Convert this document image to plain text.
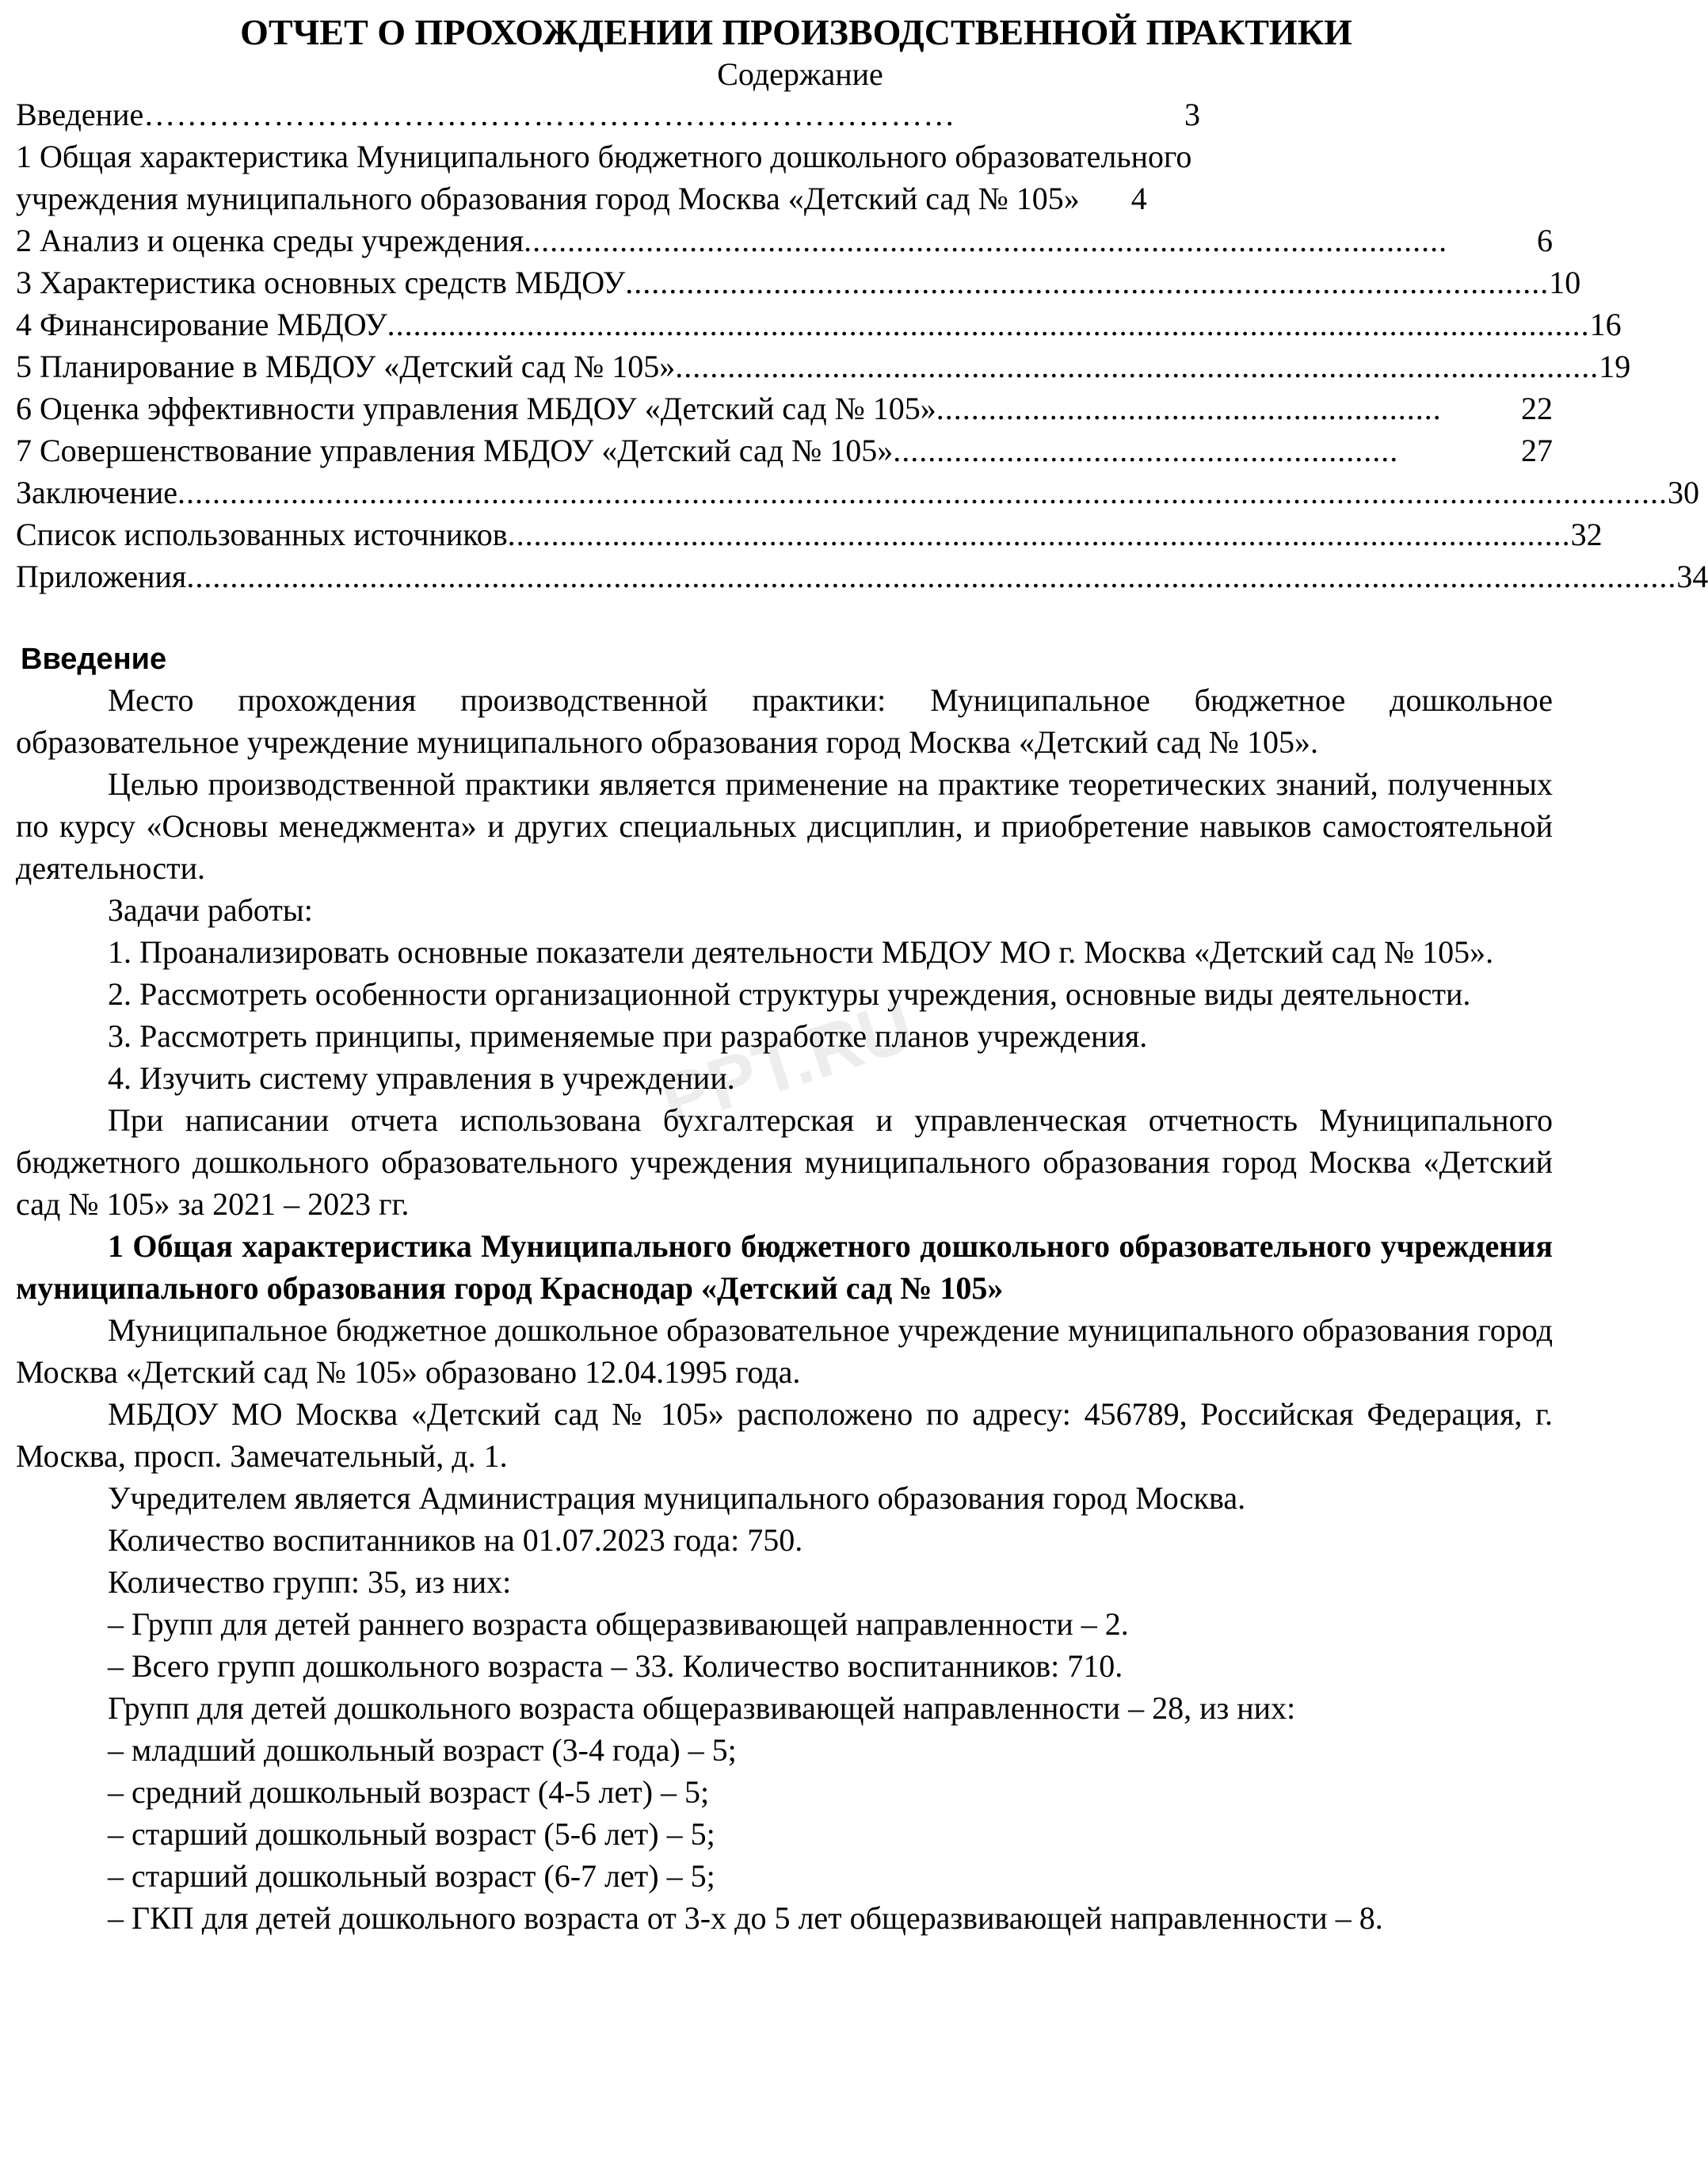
ОТЧЕТ О ПРОХОЖДЕНИИ ПРОИЗВОДСТВЕННОЙ ПРАКТИКИ
Содержание
Введение …………………………………………………………………	3
1 Общая характеристика Муниципального бюджетного дошкольного образовательного
учреждения муниципального образования город Москва «Детский сад № 105» 4
2 Анализ и оценка среды учреждения ..........................................................................................................	6
3 Характеристика основных средств МБДОУ .......................................................................................................... 10
4 Финансирование МБДОУ .......................................................................................................................................... 16
5 Планирование в МБДОУ «Детский сад № 105» .......................................................................................................... 19
6 Оценка эффективности управления МБДОУ «Детский сад № 105» ..........................................................	22
7 Совершенствование управления МБДОУ «Детский сад № 105» ..........................................................	27
Заключение ........................................................................................................................................................................... 30
Список использованных источников .......................................................................................................................... 32
Приложения ........................................................................................................................................................................... 34
Введение

Место прохождения производственной практики: Муниципальное бюджетное дошкольное образовательное учреждение муниципального образования город Москва «Детский сад № 105».

Целью производственной практики является применение на практике теоретических знаний, полученных по курсу «Основы менеджмента» и других специальных дисциплин, и приобретение навыков самостоятельной деятельности.

Задачи работы:

1. Проанализировать основные показатели деятельности МБДОУ МО г. Москва «Детский сад № 105».

2. Рассмотреть особенности организационной структуры учреждения, основные виды деятельности.

3. Рассмотреть принципы, применяемые при разработке планов учреждения.

4. Изучить систему управления в учреждении.

При написании отчета использована бухгалтерская и управленческая отчетность Муниципального бюджетного дошкольного образовательного учреждения муниципального образования город Москва «Детский сад № 105» за 2021 – 2023 гг.

1 Общая характеристика Муниципального бюджетного дошкольного образовательного учреждения муниципального образования город Краснодар «Детский сад № 105»

Муниципальное бюджетное дошкольное образовательное учреждение муниципального образования город Москва «Детский сад № 105» образовано 12.04.1995 года.

МБДОУ МО Москва «Детский сад № 105» расположено по адресу: 456789, Российская Федерация, г. Москва, просп. Замечательный, д. 1.

Учредителем является Администрация муниципального образования город Москва.

Количество воспитанников на 01.07.2023 года: 750.

Количество групп: 35, из них:

– Групп для детей раннего возраста общеразвивающей направленности – 2.

– Всего групп дошкольного возраста – 33. Количество воспитанников: 710.

Групп для детей дошкольного возраста общеразвивающей направленности – 28, из них:

– младший дошкольный возраст (3-4 года) – 5;

– средний дошкольный возраст (4-5 лет) – 5;

– старший дошкольный возраст (5-6 лет) – 5;

– старший дошкольный возраст (6-7 лет) – 5;

– ГКП для детей дошкольного возраста от 3-х до 5 лет общеразвивающей направленности – 8.

PPT.RU
